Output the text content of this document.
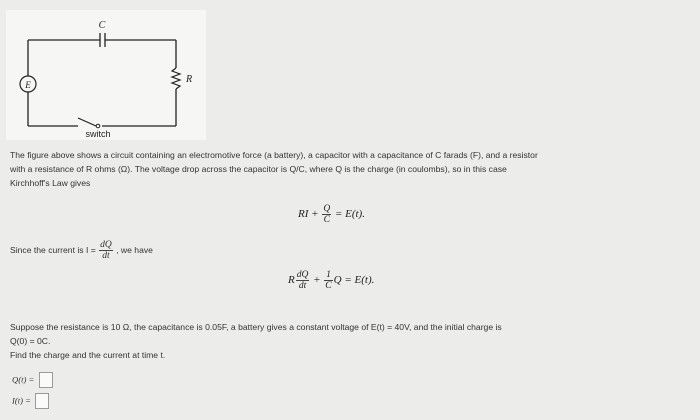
C
R
E
switch
The figure above shows a circuit containing an electromotive force (a battery), a capacitor with a capacitance of C farads (F), and a resistor
with a resistance of R ohms (Ω). The voltage drop across the capacitor is Q/C, where Q is the charge (in coulombs), so in this case
Kirchhoff's Law gives
RI + $\frac{Q}{C} = E(t)$.
Since the current is $I = \frac{dQ}{dt}$ , we have
R $\frac{dQ}{dt} + \frac{1}{C}$ Q = E(t).
Suppose the resistance is 10 Ω, the capacitance is 0.05F, a battery gives a constant voltage of E(t) = 40V, and the initial charge is
Q(0) = 0C.
Find the charge and the current at time t.
Q(t) =
I(t) =
